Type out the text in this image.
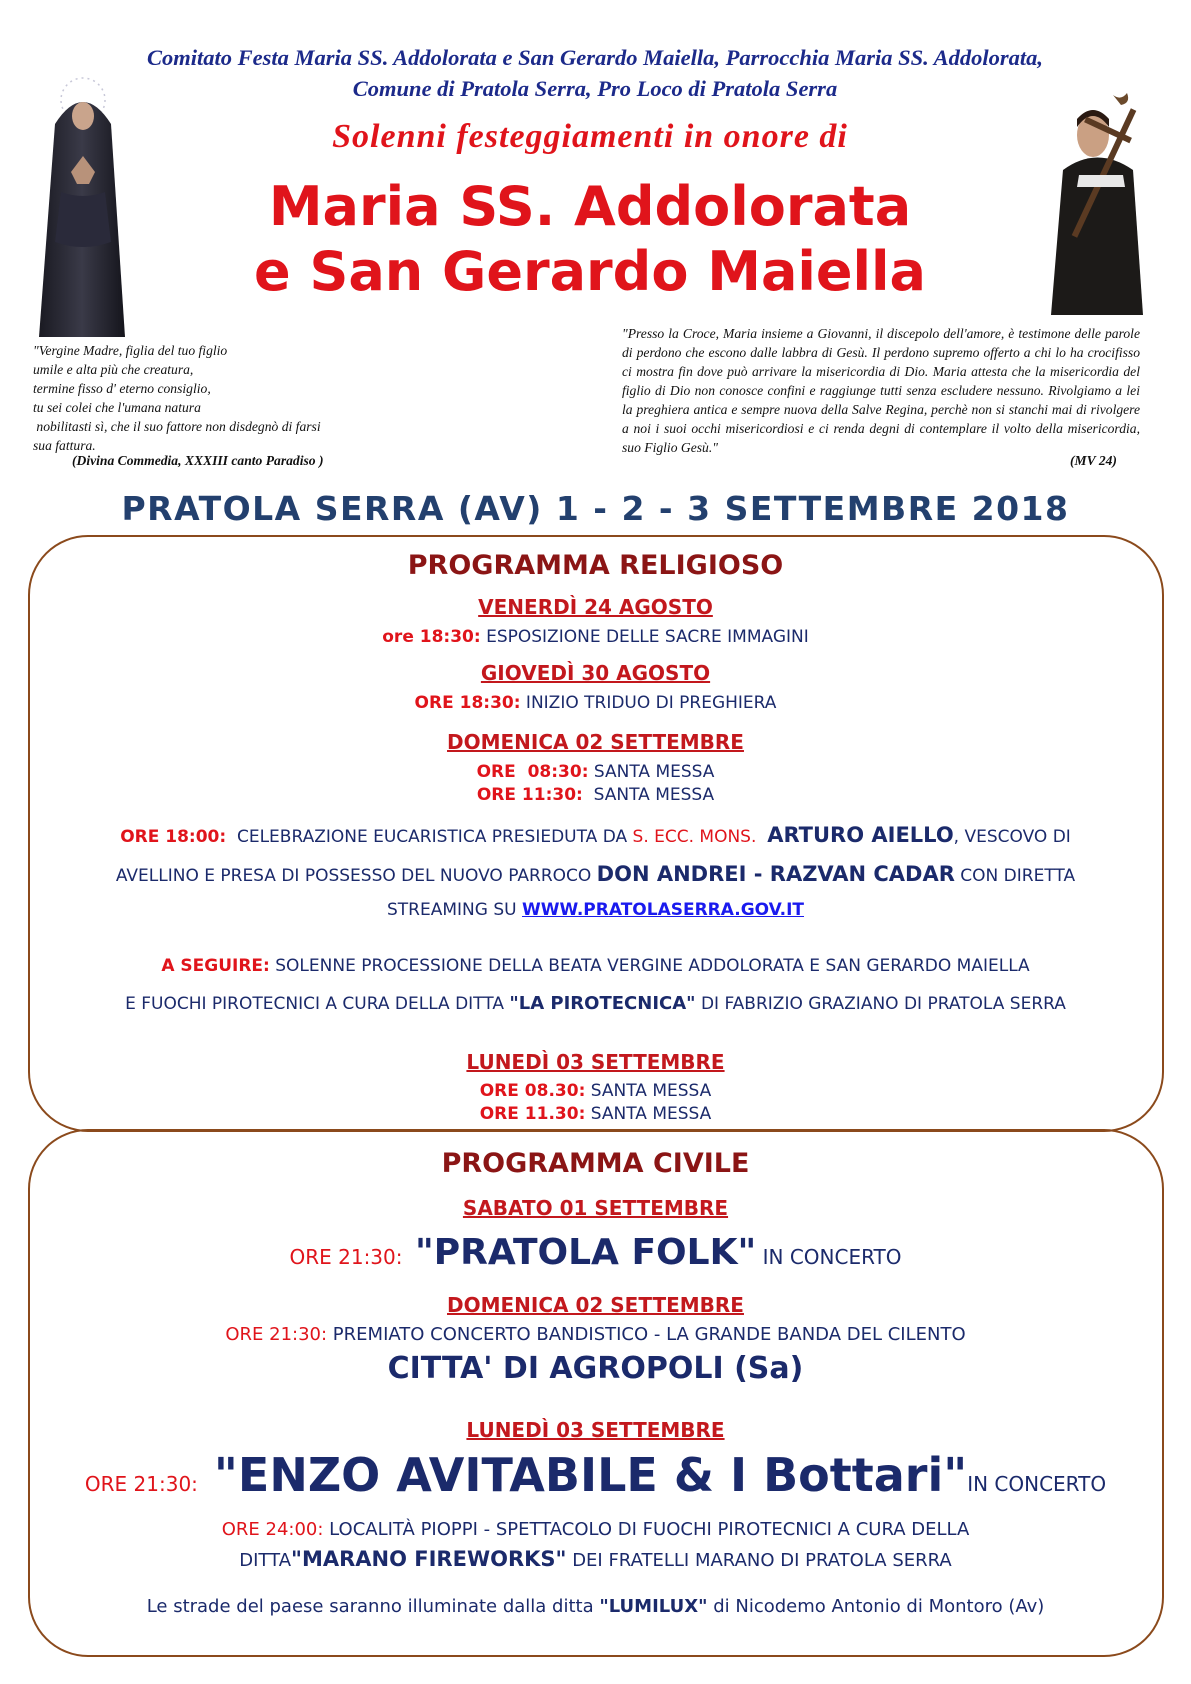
Comitato Festa Maria SS. Addolorata e San Gerardo Maiella, Parrocchia Maria SS. Addolorata, Comune di Pratola Serra, Pro Loco di Pratola Serra
Solenni festeggiamenti in onore di
Maria SS. Addolorata
e San Gerardo Maiella
"Vergine Madre, figlia del tuo figlio
umile e alta più che creatura,
termine fisso d' eterno consiglio,
tu sei colei che l'umana natura
nobilitasti sì, che il suo fattore non disdegnò di farsi
sua fattura.
(Divina Commedia, XXXIII canto Paradiso )
"Presso la Croce, Maria insieme a Giovanni, il discepolo dell'amore, è testimone delle parole di perdono che escono dalle labbra di Gesù. Il perdono supremo offerto a chi lo ha crocifisso ci mostra fin dove può arrivare la misericordia di Dio. Maria attesta che la misericordia del figlio di Dio non conosce confini e raggiunge tutti senza escludere nessuno. Rivolgiamo a lei la preghiera antica e sempre nuova della Salve Regina, perchè non si stanchi mai di rivolgere a noi i suoi occhi misericordiosi e ci renda degni di contemplare il volto della misericordia, suo Figlio Gesù."
(MV 24)
PRATOLA SERRA (AV) 1 - 2 - 3 SETTEMBRE 2018
PROGRAMMA RELIGIOSO
VENERDÌ 24 AGOSTO
ore 18:30: ESPOSIZIONE DELLE SACRE IMMAGINI
GIOVEDÌ 30 AGOSTO
ORE 18:30: INIZIO TRIDUO DI PREGHIERA
DOMENICA 02 SETTEMBRE
ORE  08:30: SANTA MESSA
ORE 11:30:  SANTA MESSA
ORE 18:00:  CELEBRAZIONE EUCARISTICA PRESIEDUTA DA S. ECC. MONS. ARTURO AIELLO, VESCOVO DI
AVELLINO E PRESA DI POSSESSO DEL NUOVO PARROCO DON ANDREI - RAZVAN CADAR CON DIRETTA
STREAMING SU WWW.PRATOLASERRA.GOV.IT
A SEGUIRE: SOLENNE PROCESSIONE DELLA BEATA VERGINE ADDOLORATA E SAN GERARDO MAIELLA
E FUOCHI PIROTECNICI A CURA DELLA DITTA "LA PIROTECNICA" DI FABRIZIO GRAZIANO DI PRATOLA SERRA
LUNEDÌ 03 SETTEMBRE
ORE 08.30: SANTA MESSA
ORE 11.30: SANTA MESSA
PROGRAMMA CIVILE
SABATO 01 SETTEMBRE
ORE 21:30: "PRATOLA FOLK" IN CONCERTO
DOMENICA 02 SETTEMBRE
ORE 21:30: PREMIATO CONCERTO BANDISTICO - LA GRANDE BANDA DEL CILENTO
CITTA' DI AGROPOLI (Sa)
LUNEDÌ 03 SETTEMBRE
ORE 21:30: "ENZO AVITABILE & I Bottari"IN CONCERTO
ORE 24:00: LOCALITÀ PIOPPI - SPETTACOLO DI FUOCHI PIROTECNICI A CURA DELLA
DITTA"MARANO FIREWORKS" DEI FRATELLI MARANO DI PRATOLA SERRA
Le strade del paese saranno illuminate dalla ditta "LUMILUX" di Nicodemo Antonio di Montoro (Av)
